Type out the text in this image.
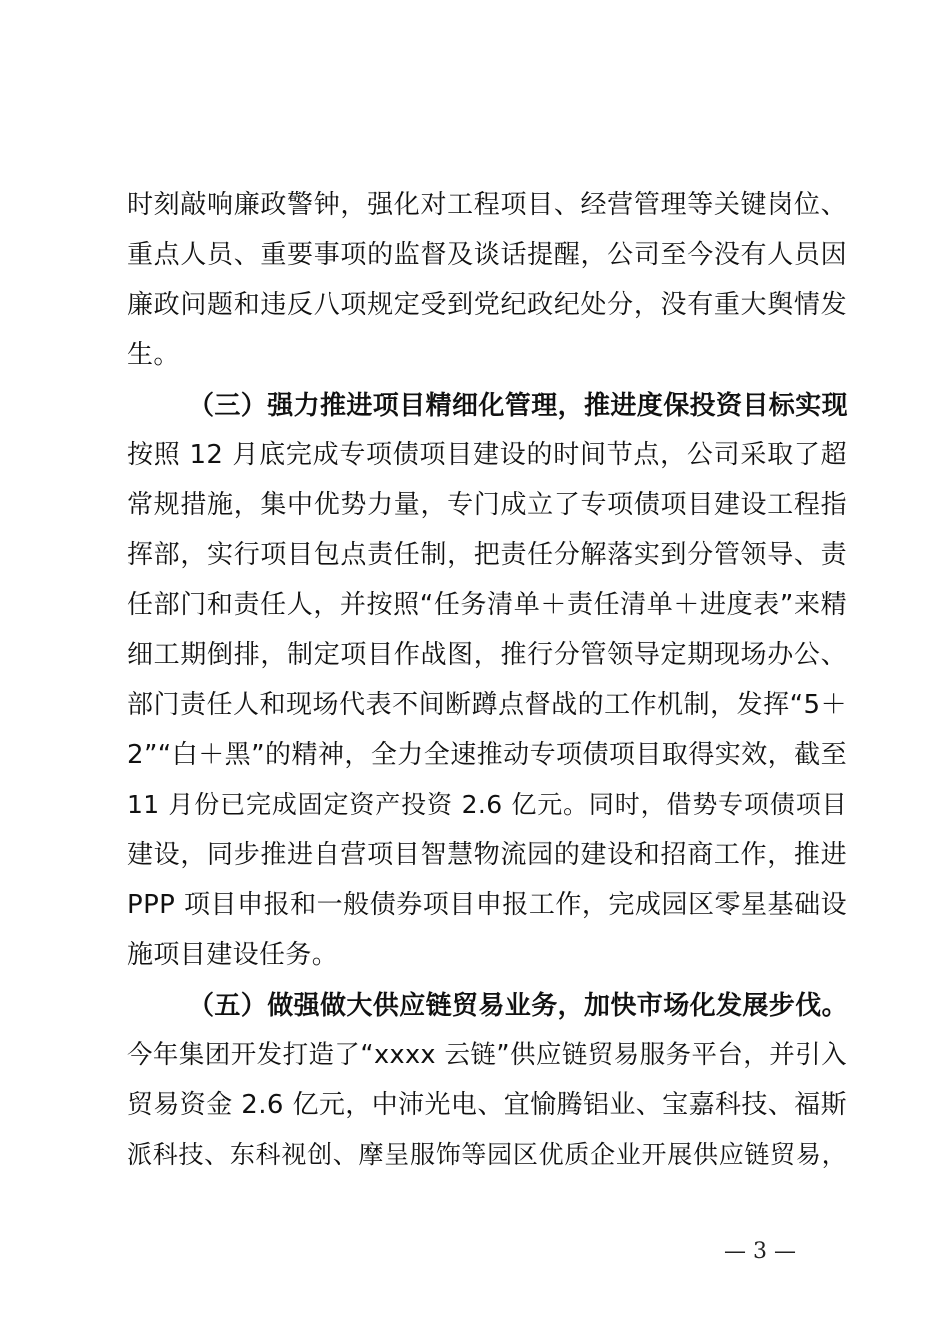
时刻敲响廉政警钟，强化对工程项目、经营管理等关键岗位、
重点人员、重要事项的监督及谈话提醒，公司至今没有人员因
廉政问题和违反八项规定受到党纪政纪处分，没有重大舆情发
生。
（三）强力推进项目精细化管理，推进度保投资目标实现
按照 12 月底完成专项债项目建设的时间节点，公司采取了超
常规措施，集中优势力量，专门成立了专项债项目建设工程指
挥部，实行项目包点责任制，把责任分解落实到分管领导、责
任部门和责任人，并按照“任务清单＋责任清单＋进度表”来精
细工期倒排，制定项目作战图，推行分管领导定期现场办公、
部门责任人和现场代表不间断蹲点督战的工作机制，发挥“5＋
2”“白＋黑”的精神，全力全速推动专项债项目取得实效，截至
11 月份已完成固定资产投资 2.6 亿元。同时，借势专项债项目
建设，同步推进自营项目智慧物流园的建设和招商工作，推进
PPP 项目申报和一般债券项目申报工作，完成园区零星基础设
施项目建设任务。
（五）做强做大供应链贸易业务，加快市场化发展步伐。
今年集团开发打造了“xxxx 云链”供应链贸易服务平台，并引入
贸易资金 2.6 亿元，中沛光电、宜愉腾铝业、宝嘉科技、福斯
派科技、东科视创、摩呈服饰等园区优质企业开展供应链贸易，
— 3 —
